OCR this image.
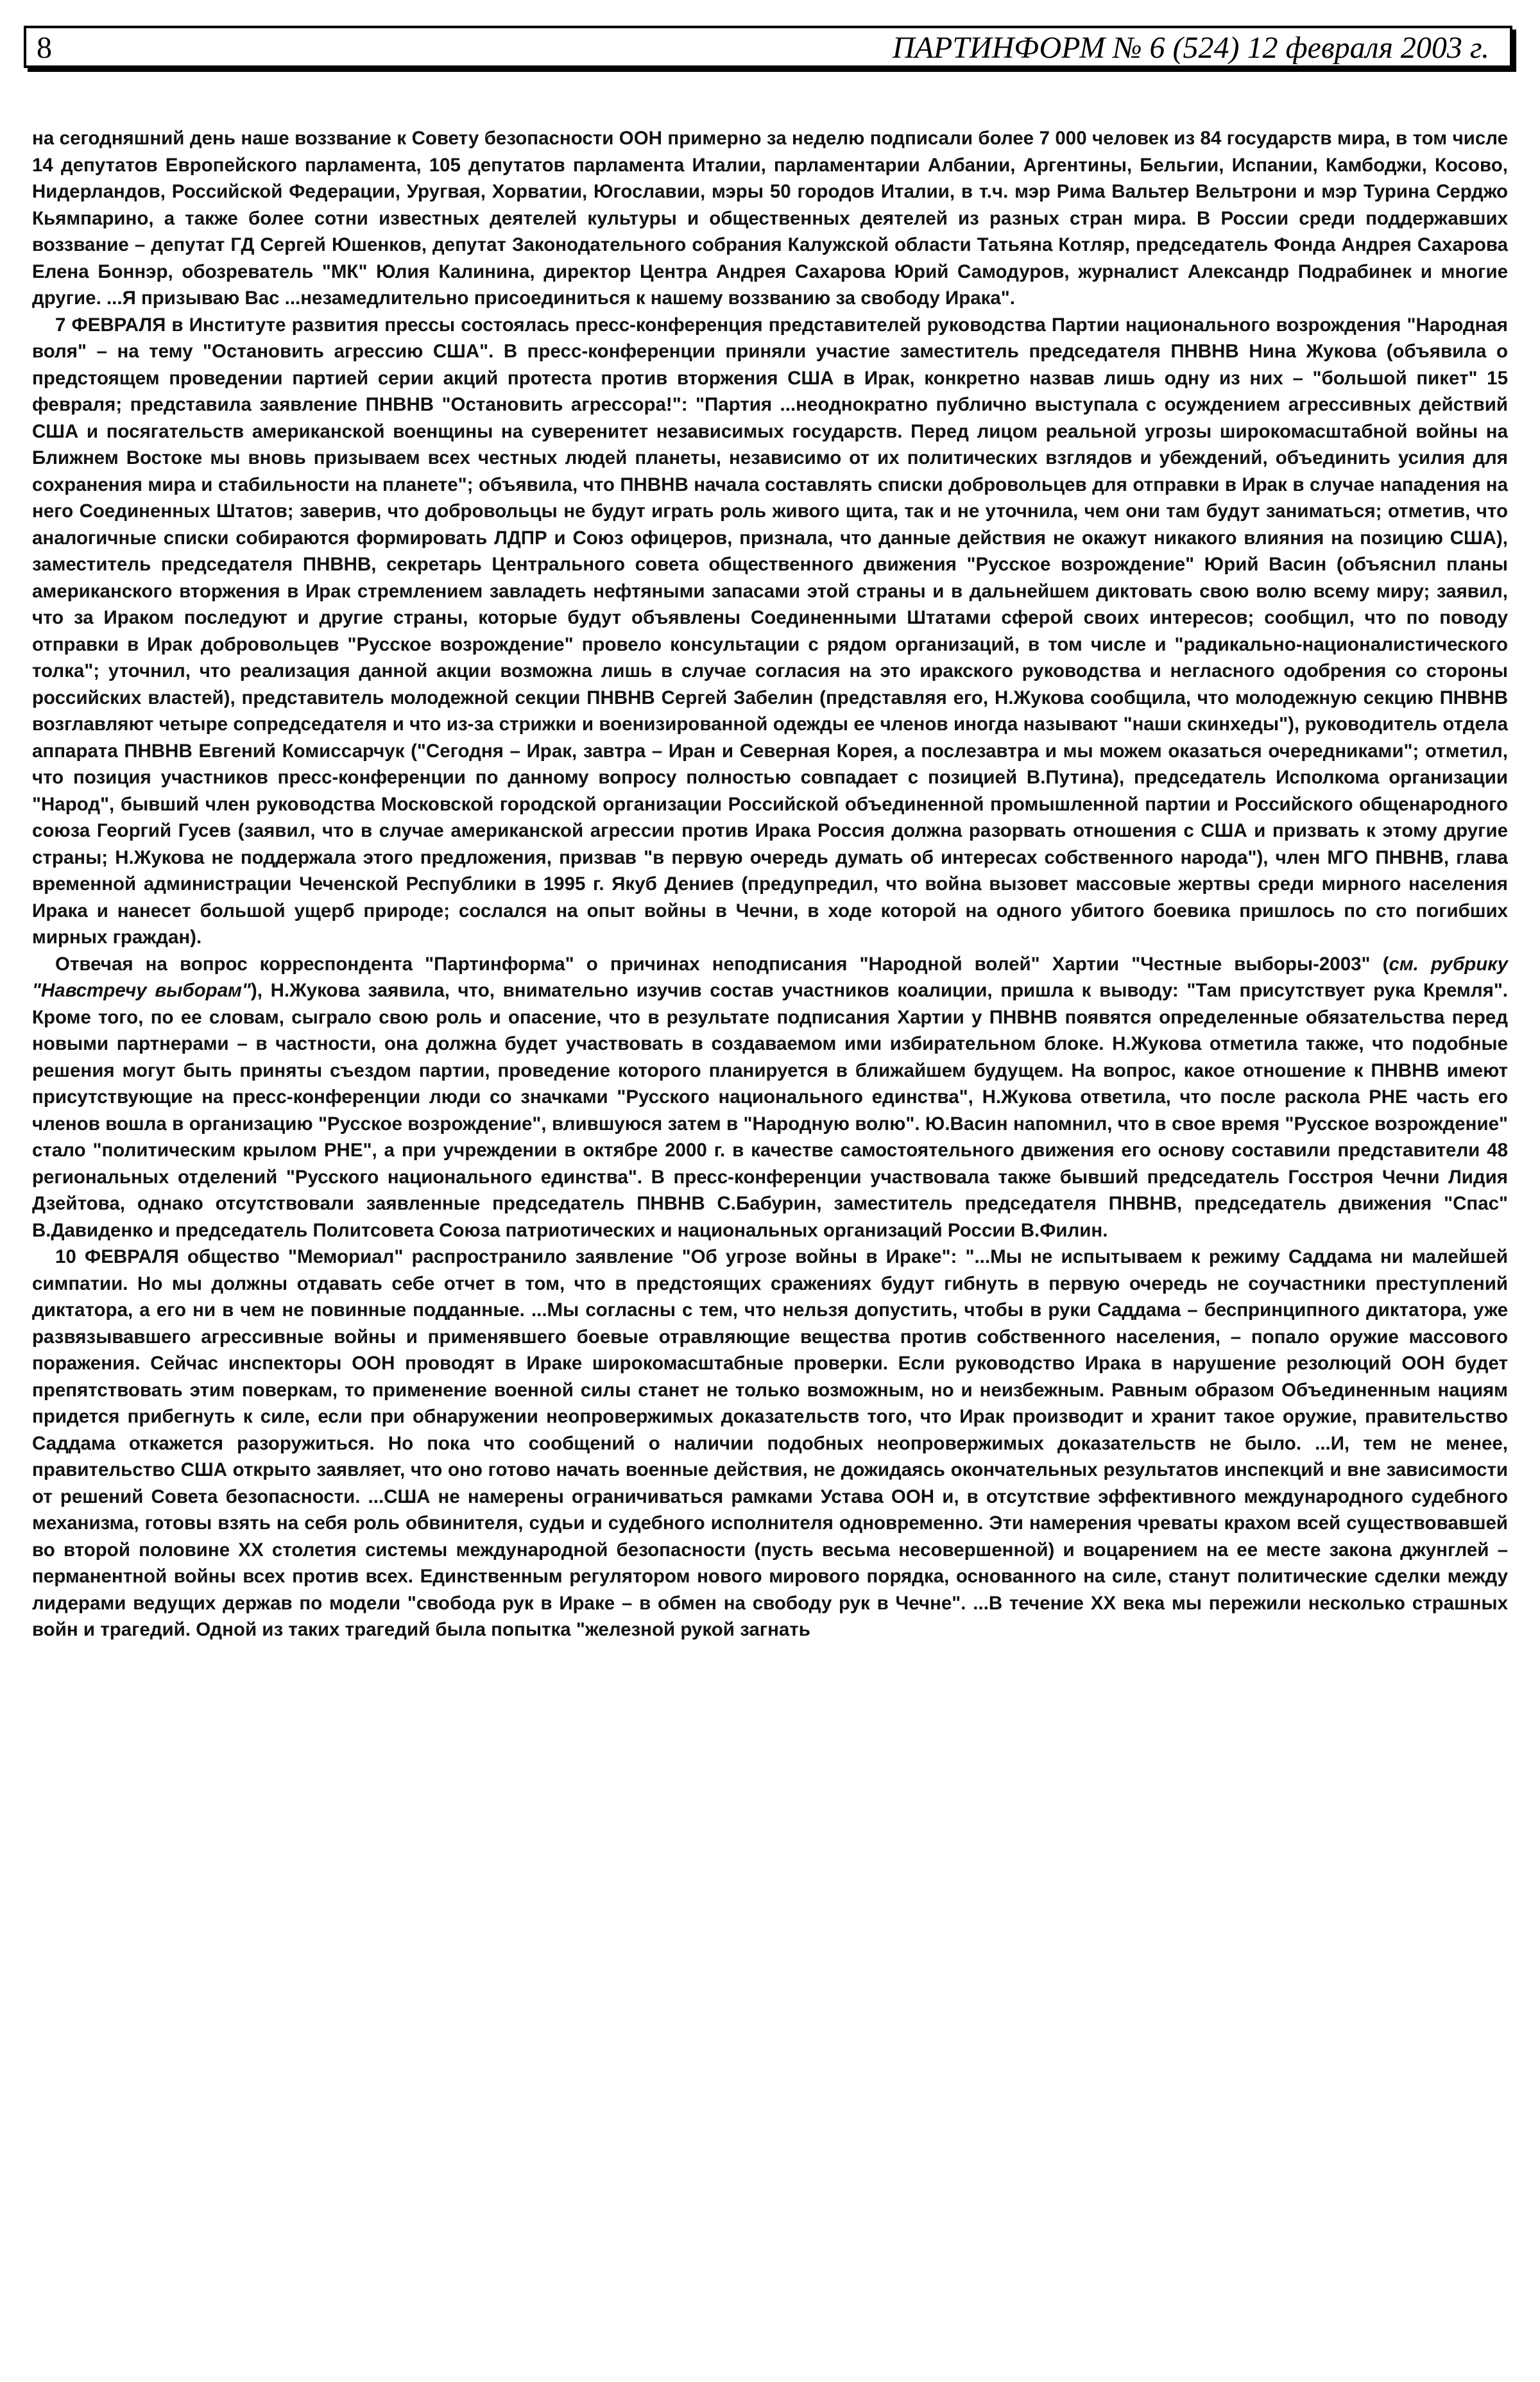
8	ПАРТИНФОРМ № 6 (524) 12 февраля 2003 г.

на сегодняшний день наше воззвание к Совету безопасности ООН примерно за неделю подписали более 7 000 человек из 84 государств мира, в том числе 14 депутатов Европейского парламента, 105 депутатов парламента Италии, парламентарии Албании, Аргентины, Бельгии, Испании, Камбоджи, Косово, Нидерландов, Российской Федерации, Уругвая, Хорватии, Югославии, мэры 50 городов Италии, в т.ч. мэр Рима Вальтер Вельтрони и мэр Турина Серджо Кьямпарино, а также более сотни известных деятелей культуры и общественных деятелей из разных стран мира. В России среди поддержавших воззвание – депутат ГД Сергей Юшенков, депутат Законодательного собрания Калужской области Татьяна Котляр, председатель Фонда Андрея Сахарова Елена Боннэр, обозреватель "МК" Юлия Калинина, директор Центра Андрея Сахарова Юрий Самодуров, журналист Александр Подрабинек и многие другие. ...Я призываю Вас ...незамедлительно присоединиться к нашему воззванию за свободу Ирака".

7 ФЕВРАЛЯ в Институте развития прессы состоялась пресс-конференция представителей руководства Партии национального возрождения "Народная воля" – на тему "Остановить агрессию США". В пресс-конференции приняли участие заместитель председателя ПНВНВ Нина Жукова (объявила о предстоящем проведении партией серии акций протеста против вторжения США в Ирак, конкретно назвав лишь одну из них – "большой пикет" 15 февраля; представила заявление ПНВНВ "Остановить агрессора!": "Партия ...неоднократно публично выступала с осуждением агрессивных действий США и посягательств американской военщины на суверенитет независимых государств. Перед лицом реальной угрозы широкомасштабной войны на Ближнем Востоке мы вновь призываем всех честных людей планеты, независимо от их политических взглядов и убеждений, объединить усилия для сохранения мира и стабильности на планете"; объявила, что ПНВНВ начала составлять списки добровольцев для отправки в Ирак в случае нападения на него Соединенных Штатов; заверив, что добровольцы не будут играть роль живого щита, так и не уточнила, чем они там будут заниматься; отметив, что аналогичные списки собираются формировать ЛДПР и Союз офицеров, признала, что данные действия не окажут никакого влияния на позицию США), заместитель председателя ПНВНВ, секретарь Центрального совета общественного движения "Русское возрождение" Юрий Васин (объяснил планы американского вторжения в Ирак стремлением завладеть нефтяными запасами этой страны и в дальнейшем диктовать свою волю всему миру; заявил, что за Ираком последуют и другие страны, которые будут объявлены Соединенными Штатами сферой своих интересов; сообщил, что по поводу отправки в Ирак добровольцев "Русское возрождение" провело консультации с рядом организаций, в том числе и "радикально-националистического толка"; уточнил, что реализация данной акции возможна лишь в случае согласия на это иракского руководства и негласного одобрения со стороны российских властей), представитель молодежной секции ПНВНВ Сергей Забелин (представляя его, Н.Жукова сообщила, что молодежную секцию ПНВНВ возглавляют четыре сопредседателя и что из-за стрижки и военизированной одежды ее членов иногда называют "наши скинхеды"), руководитель отдела аппарата ПНВНВ Евгений Комиссарчук ("Сегодня – Ирак, завтра – Иран и Северная Корея, а послезавтра и мы можем оказаться очередниками"; отметил, что позиция участников пресс-конференции по данному вопросу полностью совпадает с позицией В.Путина), председатель Исполкома организации "Народ", бывший член руководства Московской городской организации Российской объединенной промышленной партии и Российского общенародного союза Георгий Гусев (заявил, что в случае американской агрессии против Ирака Россия должна разорвать отношения с США и призвать к этому другие страны; Н.Жукова не поддержала этого предложения, призвав "в первую очередь думать об интересах собственного народа"), член МГО ПНВНВ, глава временной администрации Чеченской Республики в 1995 г. Якуб Дениев (предупредил, что война вызовет массовые жертвы среди мирного населения Ирака и нанесет большой ущерб природе; сослался на опыт войны в Чечни, в ходе которой на одного убитого боевика пришлось по сто погибших мирных граждан).

Отвечая на вопрос корреспондента "Партинформа" о причинах неподписания "Народной волей" Хартии "Честные выборы-2003" (см. рубрику "Навстречу выборам"), Н.Жукова заявила, что, внимательно изучив состав участников коалиции, пришла к выводу: "Там присутствует рука Кремля". Кроме того, по ее словам, сыграло свою роль и опасение, что в результате подписания Хартии у ПНВНВ появятся определенные обязательства перед новыми партнерами – в частности, она должна будет участвовать в создаваемом ими избирательном блоке. Н.Жукова отметила также, что подобные решения могут быть приняты съездом партии, проведение которого планируется в ближайшем будущем. На вопрос, какое отношение к ПНВНВ имеют присутствующие на пресс-конференции люди со значками "Русского национального единства", Н.Жукова ответила, что после раскола РНЕ часть его членов вошла в организацию "Русское возрождение", влившуюся затем в "Народную волю". Ю.Васин напомнил, что в свое время "Русское возрождение" стало "политическим крылом РНЕ", а при учреждении в октябре 2000 г. в качестве самостоятельного движения его основу составили представители 48 региональных отделений "Русского национального единства". В пресс-конференции участвовала также бывший председатель Госстроя Чечни Лидия Дзейтова, однако отсутствовали заявленные председатель ПНВНВ С.Бабурин, заместитель председателя ПНВНВ, председатель движения "Спас" В.Давиденко и председатель Политсовета Союза патриотических и национальных организаций России В.Филин.

10 ФЕВРАЛЯ общество "Мемориал" распространило заявление "Об угрозе войны в Ираке": "...Мы не испытываем к режиму Саддама ни малейшей симпатии. Но мы должны отдавать себе отчет в том, что в предстоящих сражениях будут гибнуть в первую очередь не соучастники преступлений диктатора, а его ни в чем не повинные подданные. ...Мы согласны с тем, что нельзя допустить, чтобы в руки Саддама – беспринципного диктатора, уже развязывавшего агрессивные войны и применявшего боевые отравляющие вещества против собственного населения, – попало оружие массового поражения. Сейчас инспекторы ООН проводят в Ираке широкомасштабные проверки. Если руководство Ирака в нарушение резолюций ООН будет препятствовать этим поверкам, то применение военной силы станет не только возможным, но и неизбежным. Равным образом Объединенным нациям придется прибегнуть к силе, если при обнаружении неопровержимых доказательств того, что Ирак производит и хранит такое оружие, правительство Саддама откажется разоружиться. Но пока что сообщений о наличии подобных неопровержимых доказательств не было. ...И, тем не менее, правительство США открыто заявляет, что оно готово начать военные действия, не дожидаясь окончательных результатов инспекций и вне зависимости от решений Совета безопасности. ...США не намерены ограничиваться рамками Устава ООН и, в отсутствие эффективного международного судебного механизма, готовы взять на себя роль обвинителя, судьи и судебного исполнителя одновременно. Эти намерения чреваты крахом всей существовавшей во второй половине XX столетия системы международной безопасности (пусть весьма несовершенной) и воцарением на ее месте закона джунглей – перманентной войны всех против всех. Единственным регулятором нового мирового порядка, основанного на силе, станут политические сделки между лидерами ведущих держав по модели "свобода рук в Ираке – в обмен на свободу рук в Чечне". ...В течение XX века мы пережили несколько страшных войн и трагедий. Одной из таких трагедий была попытка "железной рукой загнать
